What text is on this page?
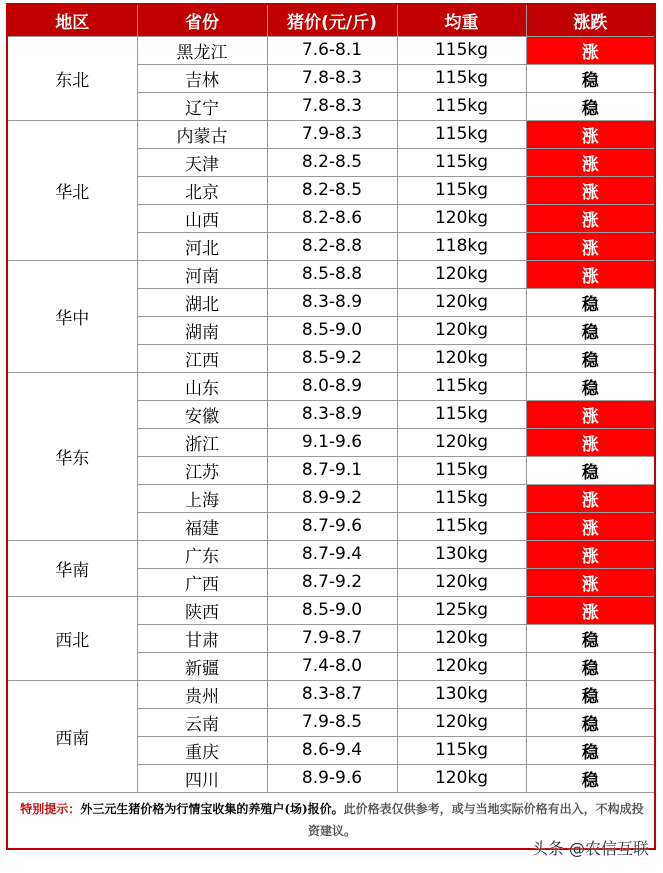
地区	省份	猪价(元/斤)	均重	涨跌
东北	黑龙江	7.6-8.1	115kg	涨
	吉林	7.8-8.3	115kg	稳
	辽宁	7.8-8.3	115kg	稳
华北	内蒙古	7.9-8.3	115kg	涨
	天津	8.2-8.5	115kg	涨
	北京	8.2-8.5	115kg	涨
	山西	8.2-8.6	120kg	涨
	河北	8.2-8.8	118kg	涨
华中	河南	8.5-8.8	120kg	涨
	湖北	8.3-8.9	120kg	稳
	湖南	8.5-9.0	120kg	稳
	江西	8.5-9.2	120kg	稳
华东	山东	8.0-8.9	115kg	稳
	安徽	8.3-8.9	115kg	涨
	浙江	9.1-9.6	120kg	涨
	江苏	8.7-9.1	115kg	稳
	上海	8.9-9.2	115kg	涨
	福建	8.7-9.6	115kg	涨
华南	广东	8.7-9.4	130kg	涨
	广西	8.7-9.2	120kg	涨
西北	陕西	8.5-9.0	125kg	涨
	甘肃	7.9-8.7	120kg	稳
	新疆	7.4-8.0	120kg	稳
西南	贵州	8.3-8.7	130kg	稳
	云南	7.9-8.5	120kg	稳
	重庆	8.6-9.4	115kg	稳
	四川	8.9-9.6	120kg	稳
特别提示：外三元生猪价格为行情宝收集的养殖户(场)报价。此价格表仅供参考，或与当地实际价格有出入，不构成投资建议。
头条 @农信互联
